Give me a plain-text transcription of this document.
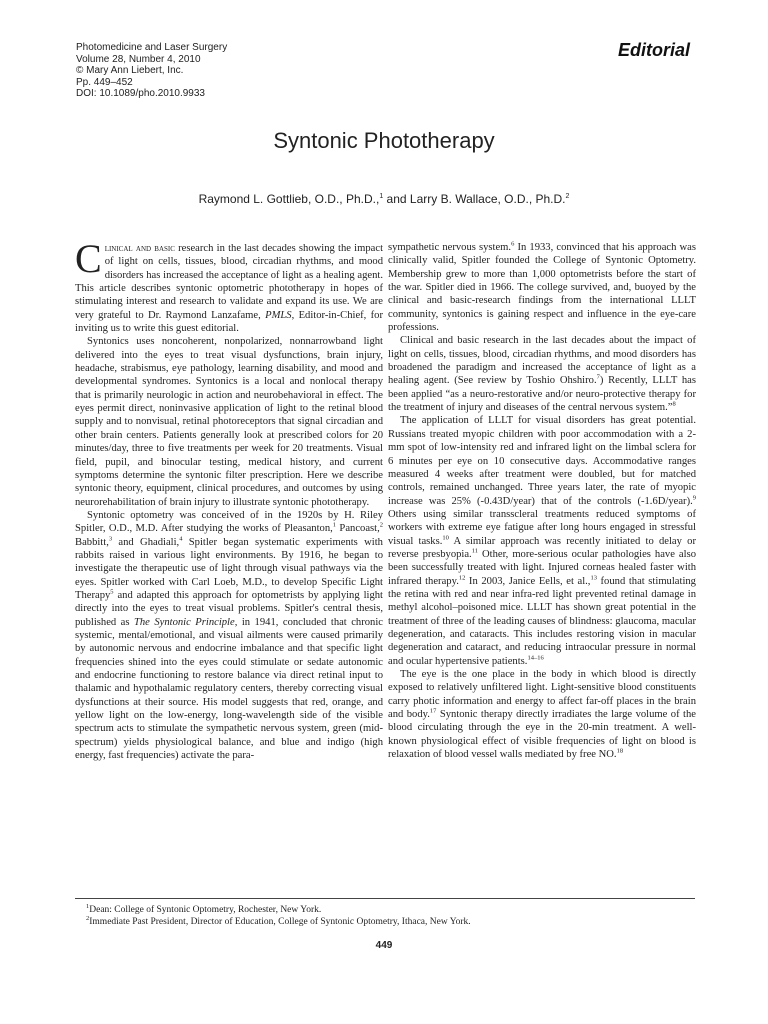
Photomedicine and Laser Surgery
Volume 28, Number 4, 2010
© Mary Ann Liebert, Inc.
Pp. 449–452
DOI: 10.1089/pho.2010.9933
Editorial
Syntonic Phototherapy
Raymond L. Gottlieb, O.D., Ph.D.,$^1$ and Larry B. Wallace, O.D., Ph.D.$^2$

Clinical and basic research in the last decades showing the impact of light on cells, tissues, blood, circadian rhythms, and mood disorders has increased the acceptance of light as a healing agent. This article describes syntonic optometric phototherapy in hopes of stimulating interest and research to validate and expand its use. We are very grateful to Dr. Raymond Lanzafame, PMLS, Editor-in-Chief, for inviting us to write this guest editorial.

Syntonics uses noncoherent, nonpolarized, nonnarrowband light delivered into the eyes to treat visual dysfunctions, brain injury, headache, strabismus, eye pathology, learning disability, and mood and developmental syndromes. Syntonics is a local and nonlocal therapy that is primarily neurologic in action and neurobehavioral in effect. The eyes permit direct, noninvasive application of light to the retinal blood supply and to nonvisual, retinal photoreceptors that signal circadian and other brain centers. Patients generally look at prescribed colors for 20 minutes/day, three to five treatments per week for 20 treatments. Visual field, pupil, and binocular testing, medical history, and current symptoms determine the syntonic filter prescription. Here we describe syntonic theory, equipment, clinical procedures, and outcomes by using neurorehabilitation of brain injury to illustrate syntonic phototherapy.

Syntonic optometry was conceived of in the 1920s by H. Riley Spitler, O.D., M.D. After studying the works of Pleasanton,$^1$ Pancoast,$^2$ Babbitt,$^3$ and Ghadiali,$^4$ Spitler began systematic experiments with rabbits raised in various light environments. By 1916, he began to investigate the therapeutic use of light through visual pathways via the eyes. Spitler worked with Carl Loeb, M.D., to develop Specific Light Therapy$^5$ and adapted this approach for optometrists by applying light directly into the eyes to treat visual problems. Spitler's central thesis, published as The Syntonic Principle, in 1941, concluded that chronic systemic, mental/emotional, and visual ailments were caused primarily by autonomic nervous and endocrine imbalance and that specific light frequencies shined into the eyes could stimulate or sedate autonomic and endocrine functioning to restore balance via direct retinal input to thalamic and hypothalamic regulatory centers, thereby correcting visual dysfunctions at their source. His model suggests that red, orange, and yellow light on the low-energy, long-wavelength side of the visible spectrum acts to stimulate the sympathetic nervous system, green (mid-spectrum) yields physiological balance, and blue and indigo (high energy, fast frequencies) activate the para-

sympathetic nervous system.$^6$ In 1933, convinced that his approach was clinically valid, Spitler founded the College of Syntonic Optometry. Membership grew to more than 1,000 optometrists before the start of the war. Spitler died in 1966. The college survived, and, buoyed by the clinical and basic-research findings from the international LLLT community, syntonics is gaining respect and influence in the eye-care professions.

Clinical and basic research in the last decades about the impact of light on cells, tissues, blood, circadian rhythms, and mood disorders has broadened the paradigm and increased the acceptance of light as a healing agent. (See review by Toshio Ohshiro.$^7$) Recently, LLLT has been applied “as a neuro-restorative and/or neuro-protective therapy for the treatment of injury and diseases of the central nervous system.”$^8$

The application of LLLT for visual disorders has great potential. Russians treated myopic children with poor accommodation with a 2-mm spot of low-intensity red and infrared light on the limbal sclera for 6 minutes per eye on 10 consecutive days. Accommodative ranges measured 4 weeks after treatment were doubled, but for matched controls, remained unchanged. Three years later, the rate of myopic increase was 25% (-0.43D/year) that of the controls (-1.6D/year).$^9$ Others using similar transscleral treatments reduced symptoms of workers with extreme eye fatigue after long hours engaged in stressful visual tasks.$^{10}$ A similar approach was recently initiated to delay or reverse presbyopia.$^{11}$ Other, more-serious ocular pathologies have also been successfully treated with light. Injured corneas healed faster with infrared therapy.$^{12}$ In 2003, Janice Eells, et al.,$^{13}$ found that stimulating the retina with red and near infra-red light prevented retinal damage in methyl alcohol–poisoned mice. LLLT has shown great potential in the treatment of three of the leading causes of blindness: glaucoma, macular degeneration, and cataracts. This includes restoring vision in macular degeneration and cataract, and reducing intraocular pressure in normal and ocular hypertensive patients.$^{14-16}$

The eye is the one place in the body in which blood is directly exposed to relatively unfiltered light. Light-sensitive blood constituents carry photic information and energy to affect far-off places in the brain and body.$^{17}$ Syntonic therapy directly irradiates the large volume of the blood circulating through the eye in the 20-min treatment. A well-known physiological effect of visible frequencies of light on blood is relaxation of blood vessel walls mediated by free NO.$^{18}$

$^1$Dean: College of Syntonic Optometry, Rochester, New York.
$^2$Immediate Past President, Director of Education, College of Syntonic Optometry, Ithaca, New York.
449
